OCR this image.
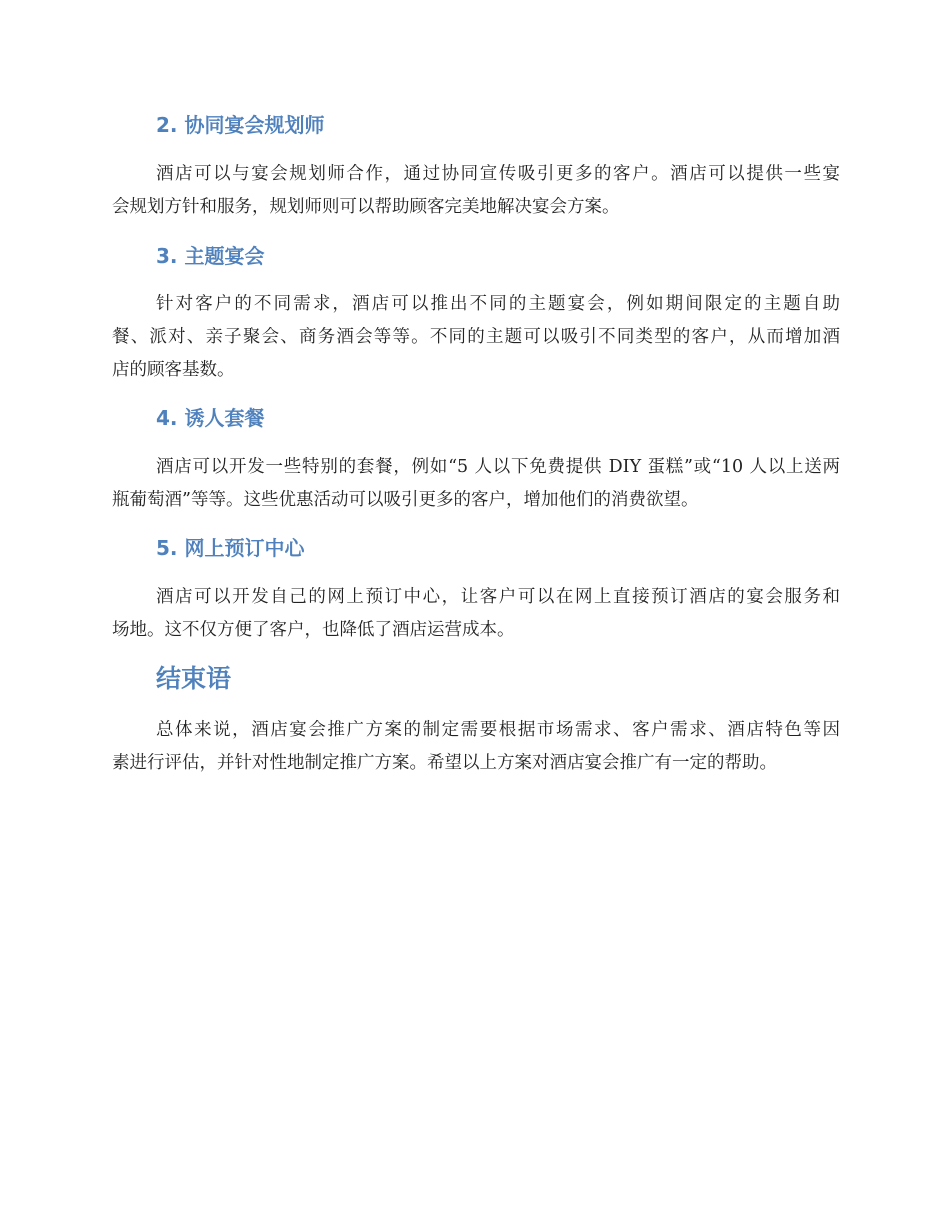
2. 协同宴会规划师
酒店可以与宴会规划师合作，通过协同宣传吸引更多的客户。酒店可以提供一些宴
会规划方针和服务，规划师则可以帮助顾客完美地解决宴会方案。
3. 主题宴会
针对客户的不同需求，酒店可以推出不同的主题宴会，例如期间限定的主题自助
餐、派对、亲子聚会、商务酒会等等。不同的主题可以吸引不同类型的客户，从而增加酒
店的顾客基数。
4. 诱人套餐
酒店可以开发一些特别的套餐，例如“5 人以下免费提供 DIY 蛋糕”或“10 人以上送两
瓶葡萄酒”等等。这些优惠活动可以吸引更多的客户，增加他们的消费欲望。
5. 网上预订中心
酒店可以开发自己的网上预订中心，让客户可以在网上直接预订酒店的宴会服务和
场地。这不仅方便了客户，也降低了酒店运营成本。
结束语
总体来说，酒店宴会推广方案的制定需要根据市场需求、客户需求、酒店特色等因
素进行评估，并针对性地制定推广方案。希望以上方案对酒店宴会推广有一定的帮助。
